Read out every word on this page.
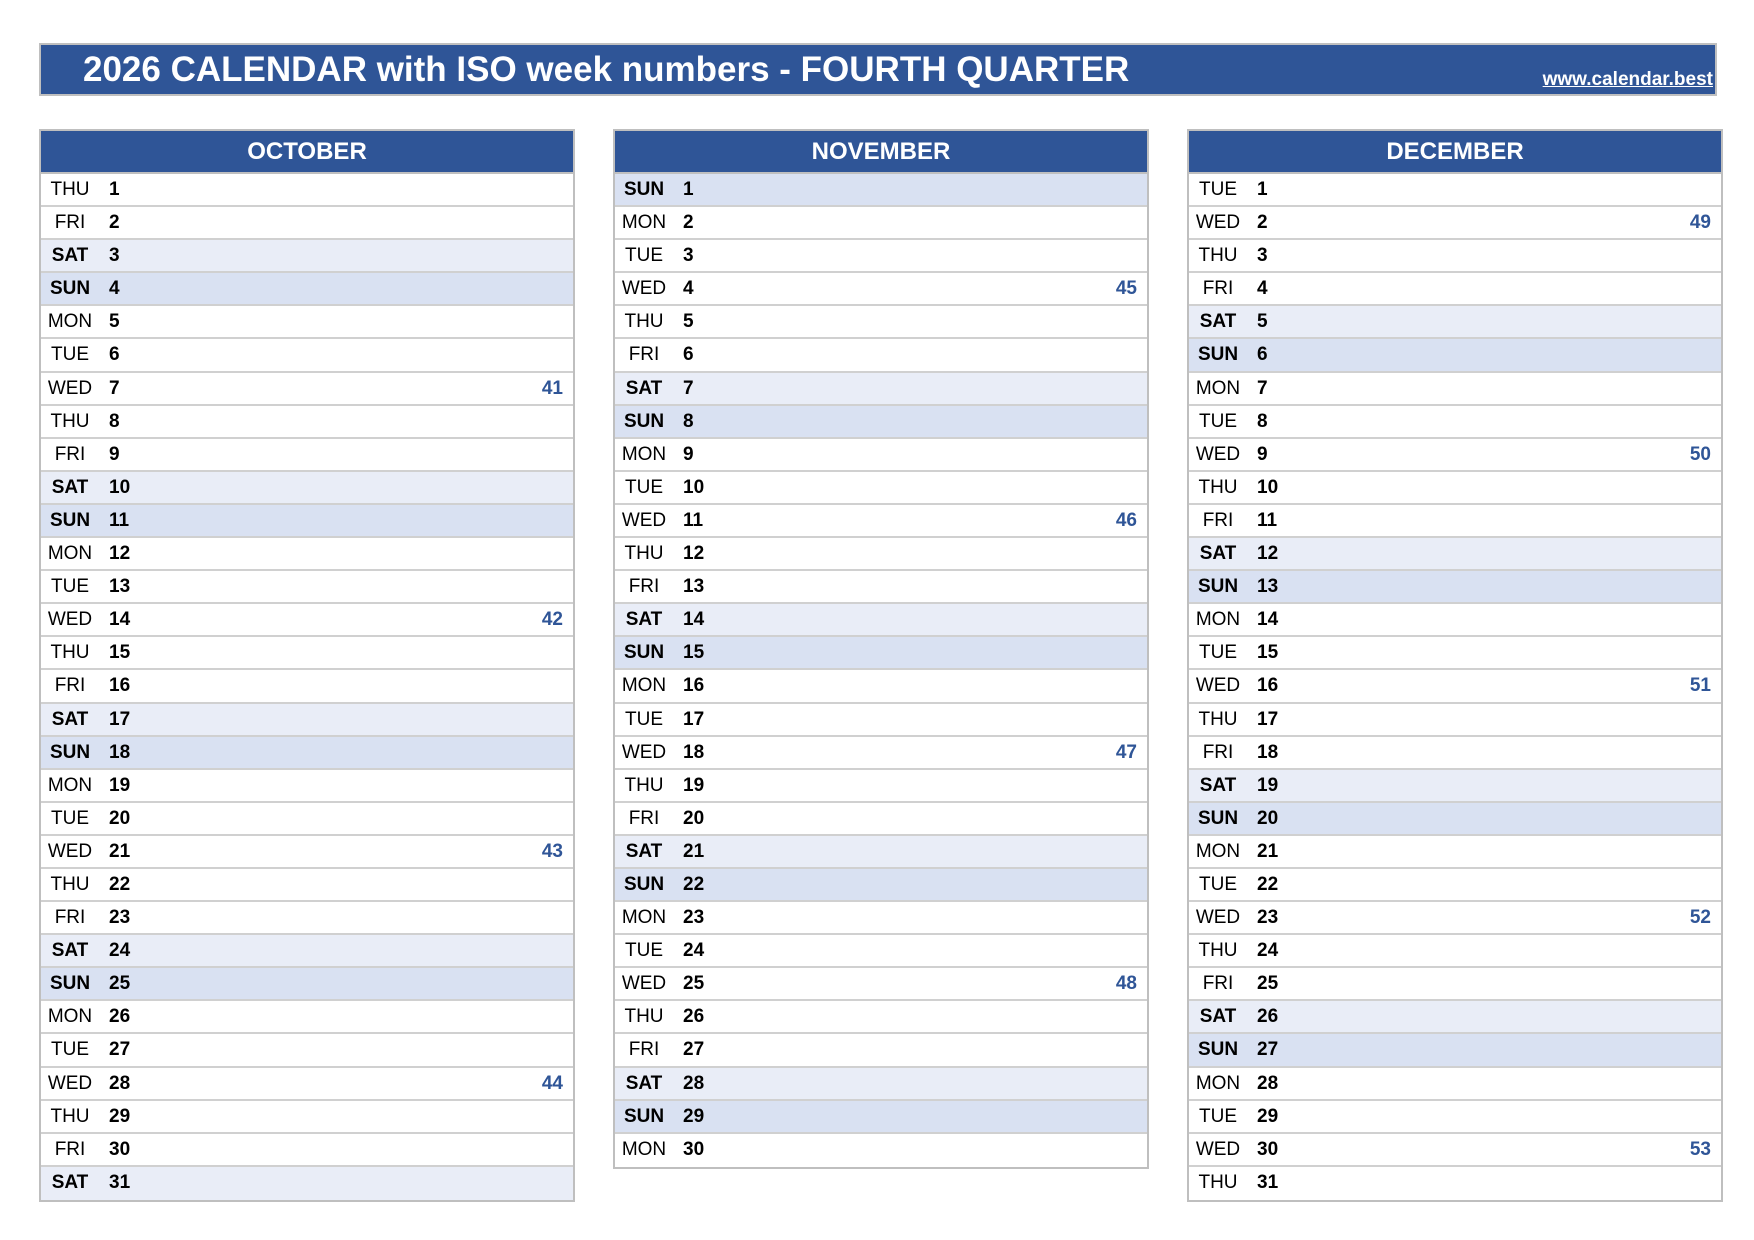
2026 CALENDAR with ISO week numbers - FOURTH QUARTER	www.calendar.best
OCTOBER
THU	1
FRI	2
SAT	3
SUN 4
MON 5
TUE	6
WED 7	41
THU	8
FRI	9
SAT	10
SUN 11
MON 12
TUE	13
WED 14	42
THU	15
FRI	16
SAT	17
SUN 18
MON 19
TUE	20
WED 21	43
THU	22
FRI	23
SAT	24
SUN 25
MON 26
TUE	27
WED 28	44
THU	29
FRI	30
SAT	31
NOVEMBER
SUN 1
MON 2
TUE	3
WED 4	45
THU	5
FRI	6
SAT	7
SUN 8
MON 9
TUE	10
WED 11	46
THU	12
FRI	13
SAT	14
SUN 15
MON 16
TUE	17
WED 18	47
THU	19
FRI	20
SAT	21
SUN 22
MON 23
TUE	24
WED 25	48
THU	26
FRI	27
SAT	28
SUN 29
MON 30
DECEMBER
TUE	1
WED 2	49
THU	3
FRI	4
SAT	5
SUN 6
MON 7
TUE	8
WED 9	50
THU	10
FRI	11
SAT	12
SUN 13
MON 14
TUE	15
WED 16	51
THU	17
FRI	18
SAT	19
SUN 20
MON 21
TUE	22
WED 23	52
THU	24
FRI	25
SAT	26
SUN 27
MON 28
TUE	29
WED 30	53
THU	31
